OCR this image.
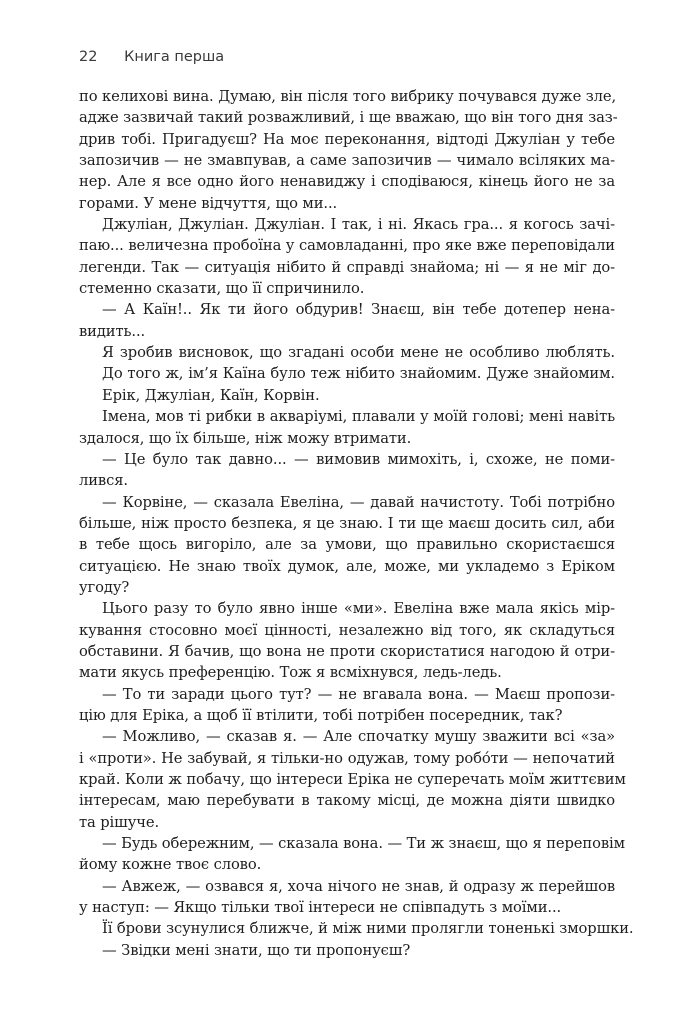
22 Книга перша
по келихові вина. Думаю, він після того вибрику почувався дуже зле,
адже зазвичай такий розважливий, і ще вважаю, що він того дня заз-
дрив тобі. Пригадуєш? На моє переконання, відтоді Джуліан у тебе
запозичив — не змавпував, а саме запозичив — чимало всіляких ма-
нер. Але я все одно його ненавиджу і сподіваюся, кінець його не за
горами. У мене відчуття, що ми...
Джуліан, Джуліан. Джуліан. І так, і ні. Якась гра... я когось зачі-
паю... величезна пробоїна у самовладанні, про яке вже переповідали
легенди. Так — ситуація нібито й справді знайома; ні — я не міг до-
стеменно сказати, що її спричинило.
— А Каїн!.. Як ти його обдурив! Знаєш, він тебе дотепер нена-
видить...
Я зробив висновок, що згадані особи мене не особливо люблять.
До того ж, ім’я Каїна було теж нібито знайомим. Дуже знайомим.
Ерік, Джуліан, Каїн, Корвін.
Імена, мов ті рибки в акваріумі, плавали у моїй голові; мені навіть
здалося, що їх більше, ніж можу втримати.
— Це було так давно... — вимовив мимохіть, і, схоже, не поми-
лився.
— Корвіне, — сказала Евеліна, — давай начистоту. Тобі потрібно
більше, ніж просто безпека, я це знаю. І ти ще маєш досить сил, аби
в тебе щось вигоріло, але за умови, що правильно скористаєшся
ситуацією. Не знаю твоїх думок, але, може, ми укладемо з Еріком
угоду?
Цього разу то було явно інше «ми». Евеліна вже мала якісь мір-
кування стосовно моєї цінності, незалежно від того, як складуться
обставини. Я бачив, що вона не проти скористатися нагодою й отри-
мати якусь преференцію. Тож я всміхнувся, ледь-ледь.
— То ти заради цього тут? — не вгавала вона. — Маєш пропози-
цію для Еріка, а щоб її втілити, тобі потрібен посередник, так?
— Можливо, — сказав я. — Але спочатку мушу зважити всі «за»
і «проти». Не забувай, я тільки-но одужав, тому робо́ти — непочатий
край. Коли ж побачу, що інтереси Еріка не суперечать моїм життєвим
інтересам, маю перебувати в такому місці, де можна діяти швидко
та рішуче.
— Будь обережним, — сказала вона. — Ти ж знаєш, що я переповім
йому кожне твоє слово.
— Авжеж, — озвався я, хоча нічого не знав, й одразу ж перейшов
у наступ: — Якщо тільки твої інтереси не співпадуть з моїми...
Її брови зсунулися ближче, й між ними пролягли тоненькі зморшки.
— Звідки мені знати, що ти пропонуєш?
